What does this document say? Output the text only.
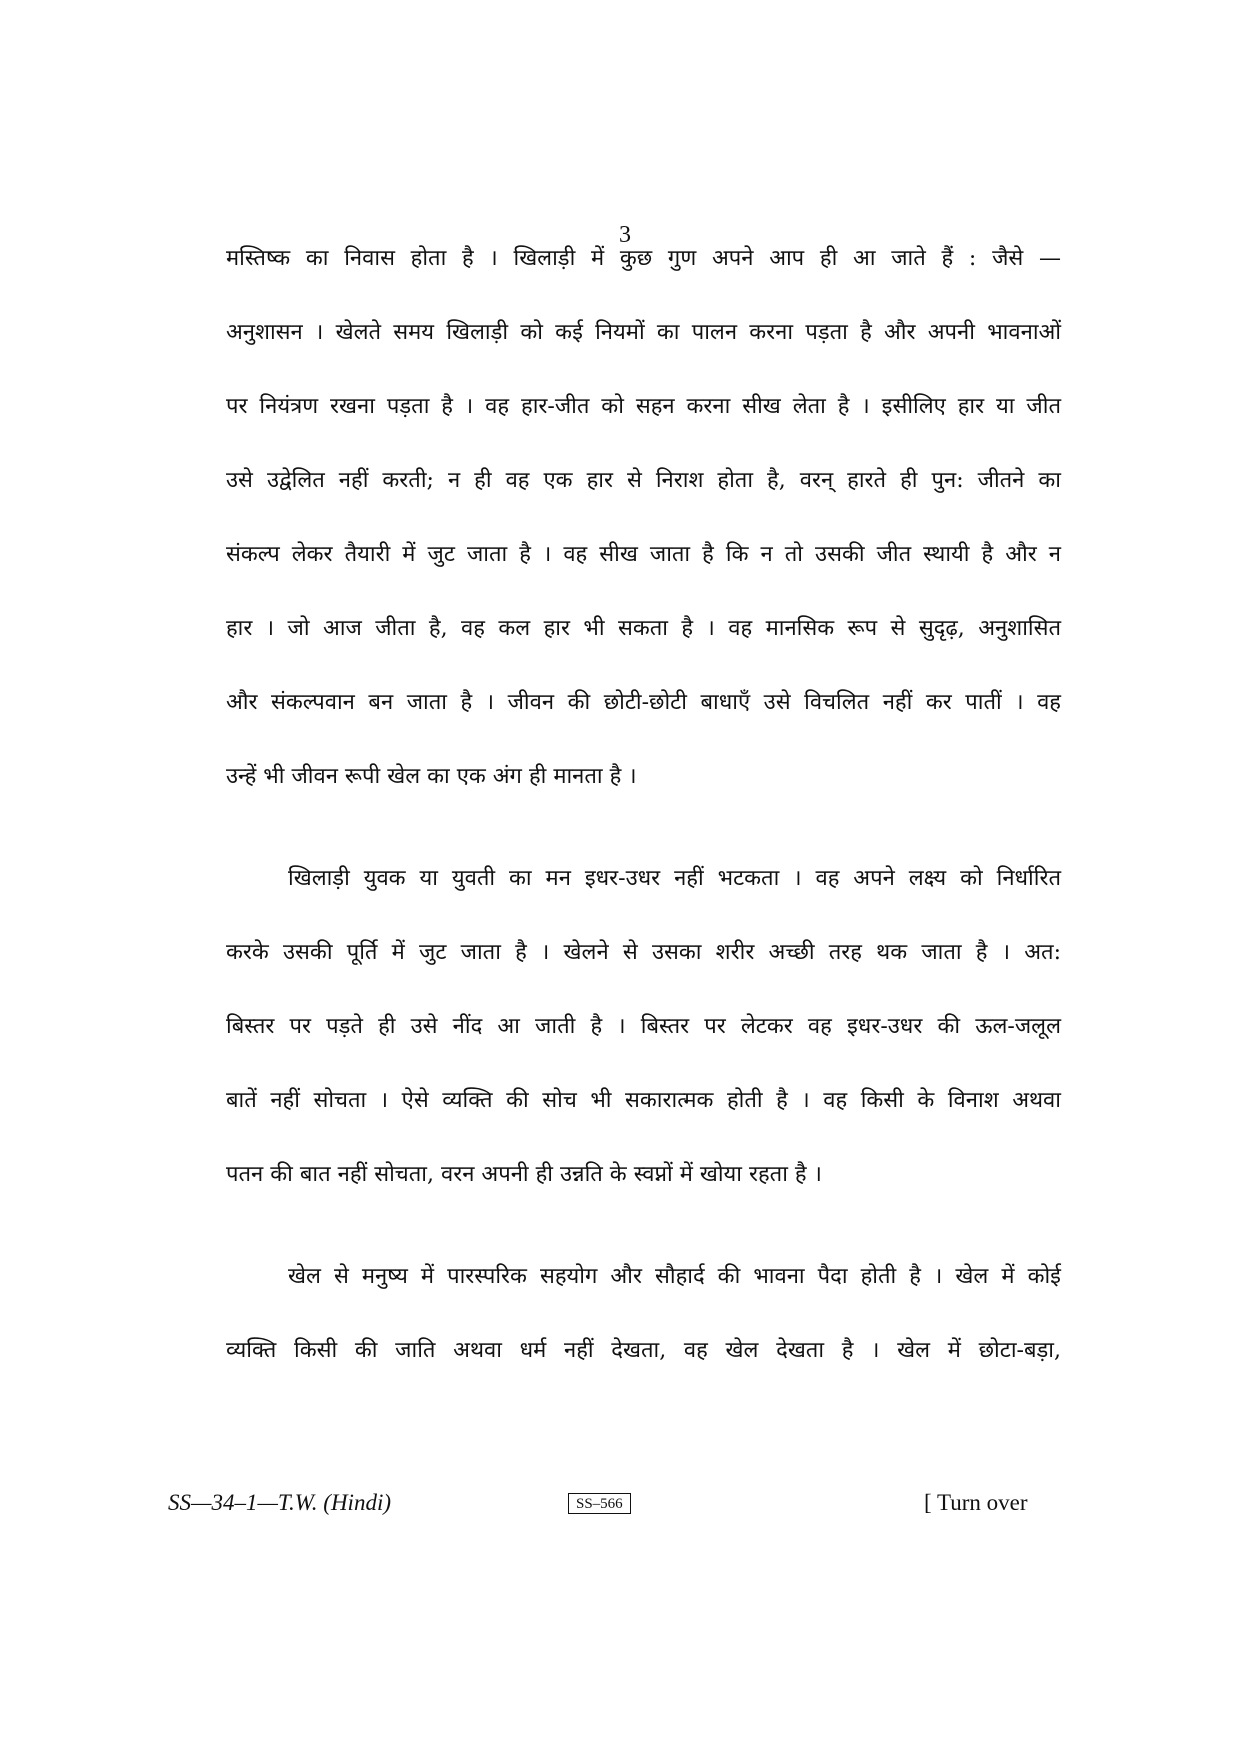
3
मस्तिष्क का निवास होता है । खिलाड़ी में कुछ गुण अपने आप ही आ जाते हैं : जैसे —
अनुशासन । खेलते समय खिलाड़ी को कई नियमों का पालन करना पड़ता है और अपनी भावनाओं
पर नियंत्रण रखना पड़ता है । वह हार-जीत को सहन करना सीख लेता है । इसीलिए हार या जीत
उसे उद्वेलित नहीं करती; न ही वह एक हार से निराश होता है, वरन् हारते ही पुन: जीतने का
संकल्प लेकर तैयारी में जुट जाता है । वह सीख जाता है कि न तो उसकी जीत स्थायी है और न
हार । जो आज जीता है, वह कल हार भी सकता है । वह मानसिक रूप से सुदृढ़, अनुशासित
और संकल्पवान बन जाता है । जीवन की छोटी-छोटी बाधाएँ उसे विचलित नहीं कर पातीं । वह
उन्हें भी जीवन रूपी खेल का एक अंग ही मानता है ।
खिलाड़ी युवक या युवती का मन इधर-उधर नहीं भटकता । वह अपने लक्ष्य को निर्धारित
करके उसकी पूर्ति में जुट जाता है । खेलने से उसका शरीर अच्छी तरह थक जाता है । अत:
बिस्तर पर पड़ते ही उसे नींद आ जाती है । बिस्तर पर लेटकर वह इधर-उधर की ऊल-जलूल
बातें नहीं सोचता । ऐसे व्यक्ति की सोच भी सकारात्मक होती है । वह किसी के विनाश अथवा
पतन की बात नहीं सोचता, वरन अपनी ही उन्नति के स्वप्नों में खोया रहता है ।
खेल से मनुष्य में पारस्परिक सहयोग और सौहार्द की भावना पैदा होती है । खेल में कोई
व्यक्ति किसी की जाति अथवा धर्म नहीं देखता, वह खेल देखता है । खेल में छोटा-बड़ा,
SS—34–1—T.W. (Hindi)	SS–566	[ Turn over
